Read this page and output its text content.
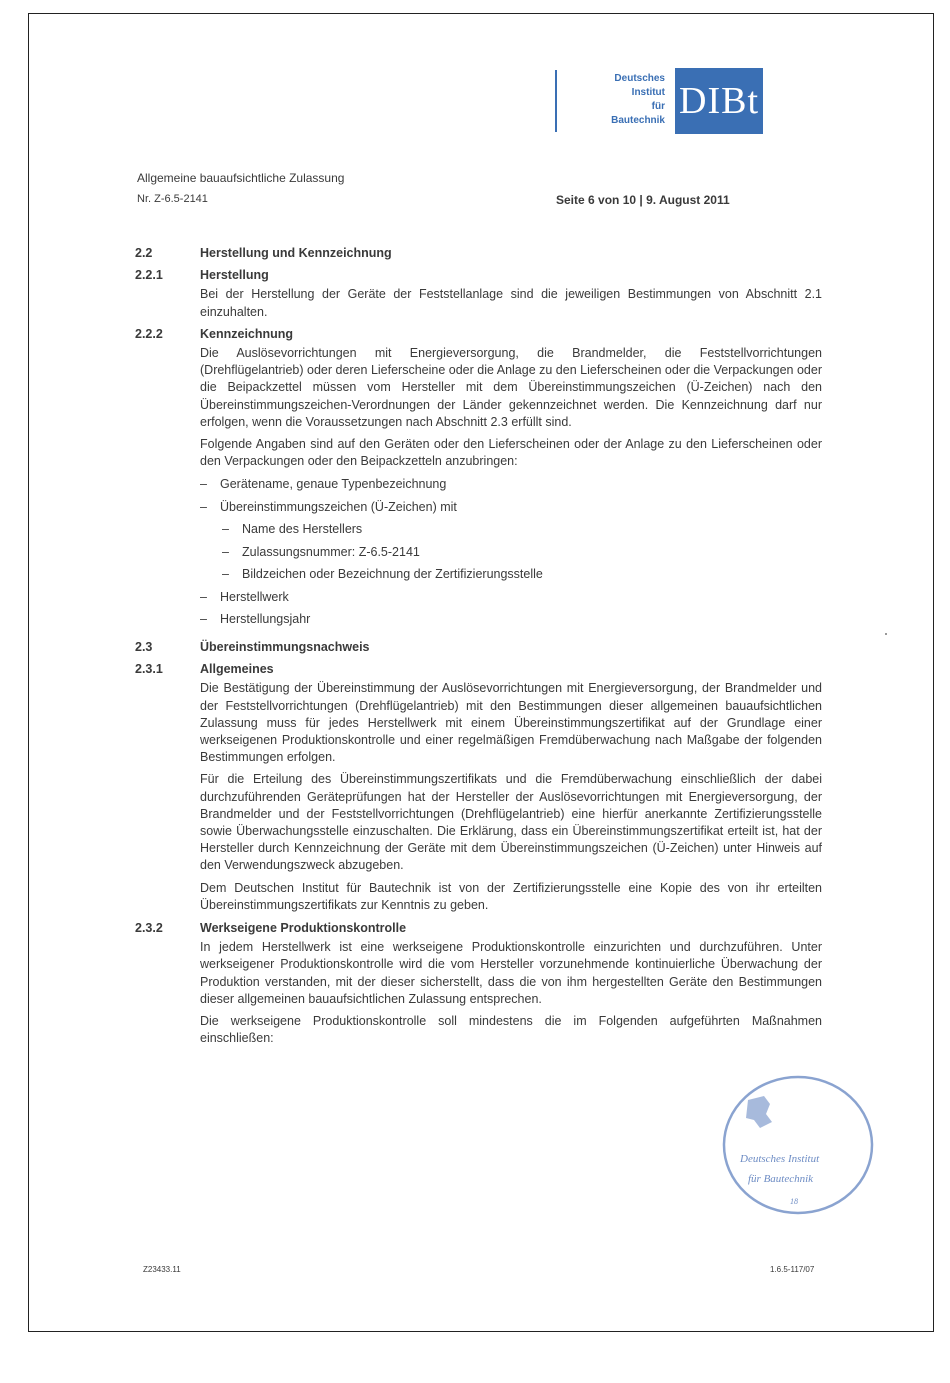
Deutsches
Institut
für
Bautechnik DIBt
Allgemeine bauaufsichtliche Zulassung
Nr. Z-6.5-2141	Seite 6 von 10 | 9. August 2011
2.2	Herstellung und Kennzeichnung
2.2.1	Herstellung
Bei der Herstellung der Geräte der Feststellanlage sind die jeweiligen Bestimmungen von Abschnitt 2.1 einzuhalten.
2.2.2	Kennzeichnung
Die Auslösevorrichtungen mit Energieversorgung, die Brandmelder, die Feststellvorrichtungen (Drehflügelantrieb) oder deren Lieferscheine oder die Anlage zu den Lieferscheinen oder die Verpackungen oder die Beipackzettel müssen vom Hersteller mit dem Übereinstimmungszeichen (Ü-Zeichen) nach den Übereinstimmungszeichen-Verordnungen der Länder gekennzeichnet werden. Die Kennzeichnung darf nur erfolgen, wenn die Voraussetzungen nach Abschnitt 2.3 erfüllt sind.
Folgende Angaben sind auf den Geräten oder den Lieferscheinen oder der Anlage zu den Lieferscheinen oder den Verpackungen oder den Beipackzetteln anzubringen:
– Gerätename, genaue Typenbezeichnung
– Übereinstimmungszeichen (Ü-Zeichen) mit
– Name des Herstellers
– Zulassungsnummer: Z-6.5-2141
– Bildzeichen oder Bezeichnung der Zertifizierungsstelle
– Herstellwerk
– Herstellungsjahr
2.3	Übereinstimmungsnachweis
2.3.1	Allgemeines
Die Bestätigung der Übereinstimmung der Auslösevorrichtungen mit Energieversorgung, der Brandmelder und der Feststellvorrichtungen (Drehflügelantrieb) mit den Bestimmungen dieser allgemeinen bauaufsichtlichen Zulassung muss für jedes Herstellwerk mit einem Übereinstimmungszertifikat auf der Grundlage einer werkseigenen Produktionskontrolle und einer regelmäßigen Fremdüberwachung nach Maßgabe der folgenden Bestimmungen erfolgen.
Für die Erteilung des Übereinstimmungszertifikats und die Fremdüberwachung einschließlich der dabei durchzuführenden Geräteprüfungen hat der Hersteller der Auslösevorrichtungen mit Energieversorgung, der Brandmelder und der Feststellvorrichtungen (Drehflügelantrieb) eine hierfür anerkannte Zertifizierungsstelle sowie Überwachungsstelle einzuschalten. Die Erklärung, dass ein Übereinstimmungszertifikat erteilt ist, hat der Hersteller durch Kennzeichnung der Geräte mit dem Übereinstimmungszeichen (Ü-Zeichen) unter Hinweis auf den Verwendungszweck abzugeben.
Dem Deutschen Institut für Bautechnik ist von der Zertifizierungsstelle eine Kopie des von ihr erteilten Übereinstimmungszertifikats zur Kenntnis zu geben.
2.3.2	Werkseigene Produktionskontrolle
In jedem Herstellwerk ist eine werkseigene Produktionskontrolle einzurichten und durchzuführen. Unter werkseigener Produktionskontrolle wird die vom Hersteller vorzunehmende kontinuierliche Überwachung der Produktion verstanden, mit der dieser sicherstellt, dass die von ihm hergestellten Geräte den Bestimmungen dieser allgemeinen bauaufsichtlichen Zulassung entsprechen.
Die werkseigene Produktionskontrolle soll mindestens die im Folgenden aufgeführten Maßnahmen einschließen:
Deutsches Institut
für Bautechnik
18
Z23433.11	1.6.5-117/07
